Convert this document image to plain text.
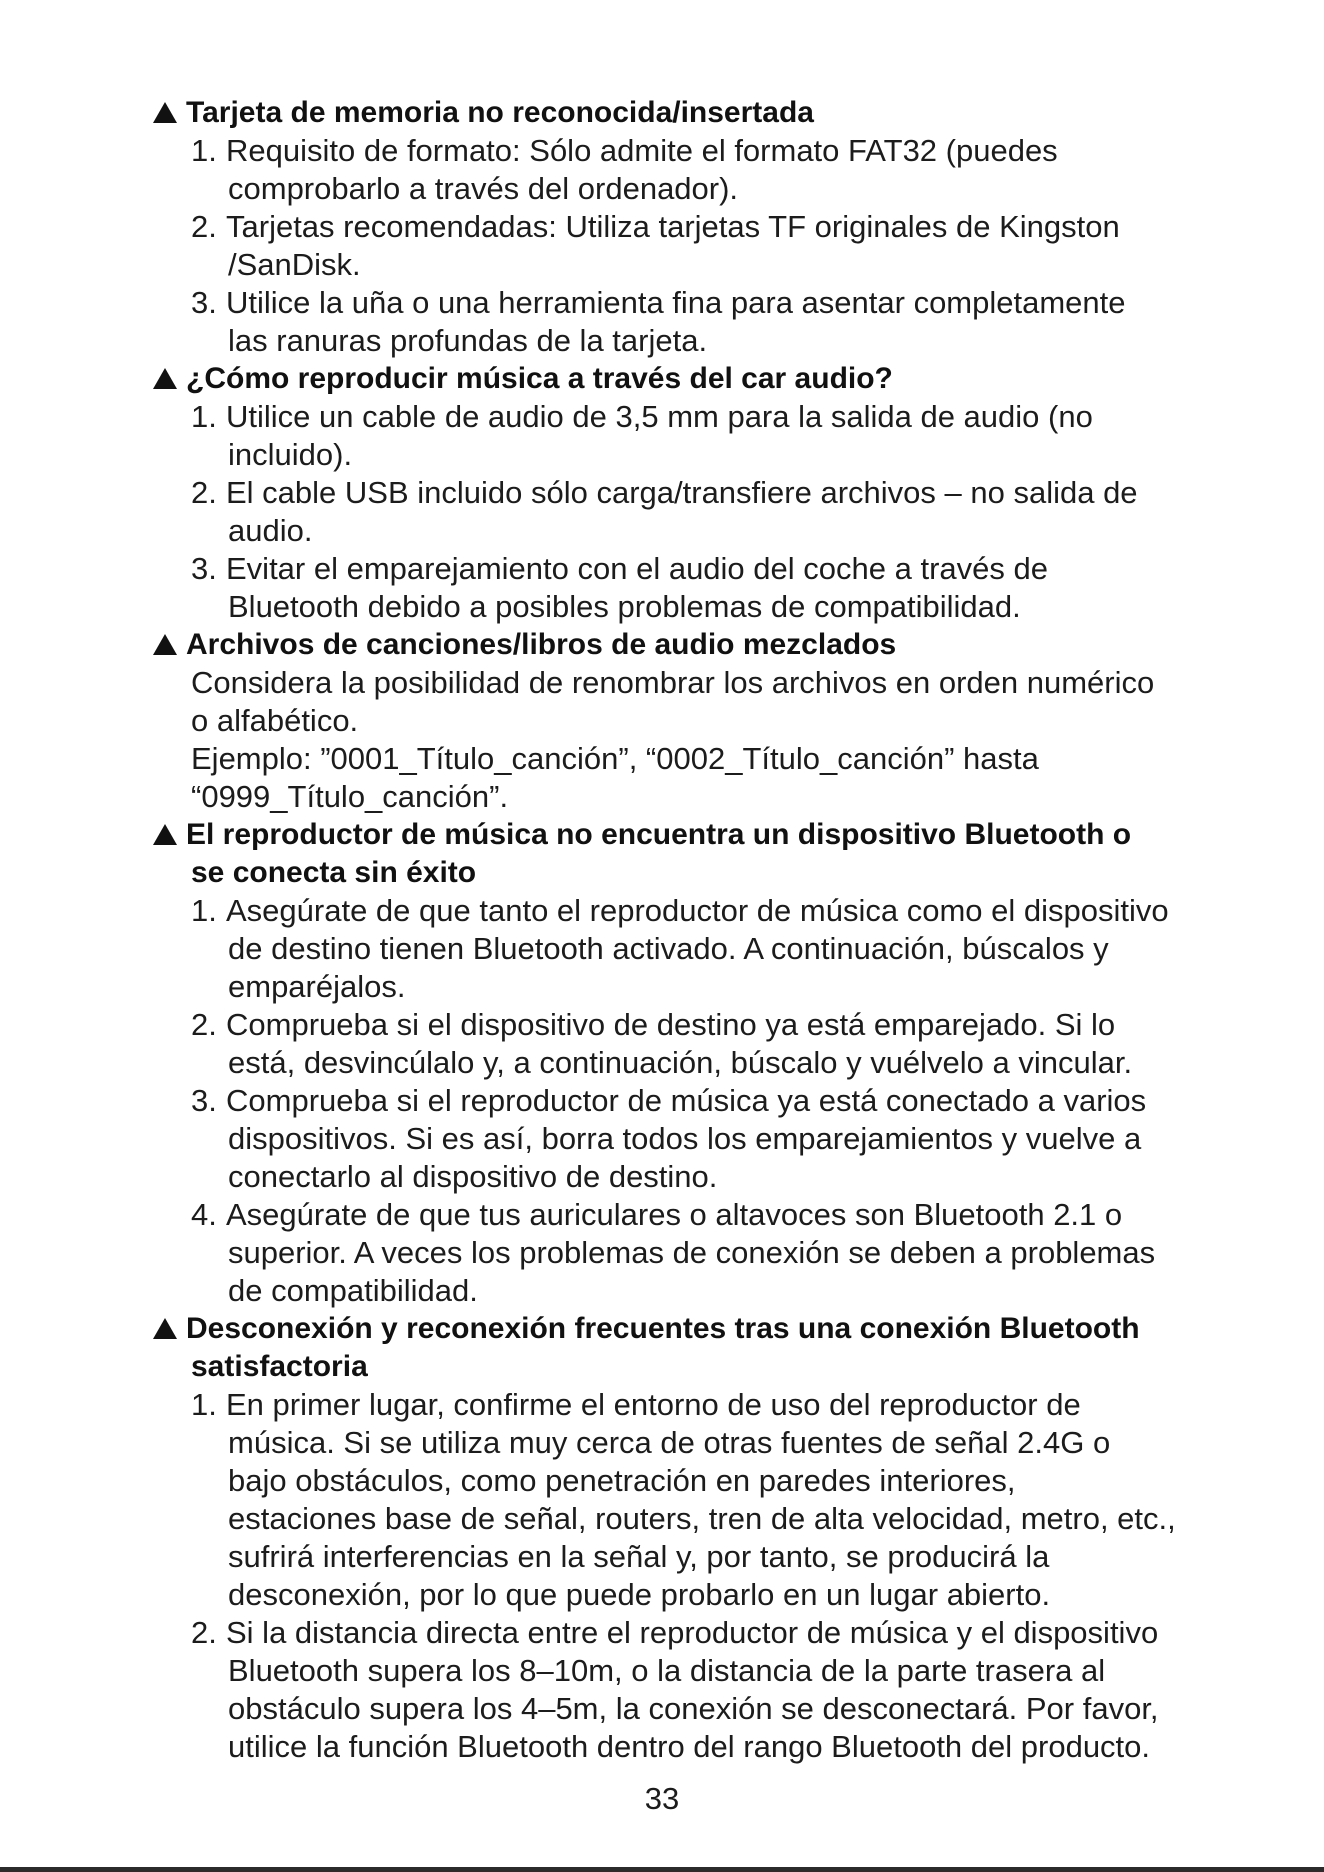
Tarjeta de memoria no reconocida/insertada
1. Requisito de formato: Sólo admite el formato FAT32 (puedes
comprobarlo a través del ordenador).
2. Tarjetas recomendadas: Utiliza tarjetas TF originales de Kingston
/SanDisk.
3. Utilice la uña o una herramienta fina para asentar completamente
las ranuras profundas de la tarjeta.
¿Cómo reproducir música a través del car audio?
1. Utilice un cable de audio de 3,5 mm para la salida de audio (no
incluido).
2. El cable USB incluido sólo carga/transfiere archivos – no salida de
audio.
3. Evitar el emparejamiento con el audio del coche a través de
Bluetooth debido a posibles problemas de compatibilidad.
Archivos de canciones/libros de audio mezclados
Considera la posibilidad de renombrar los archivos en orden numérico
o alfabético.
Ejemplo: ”0001_Título_canción”, “0002_Título_canción” hasta
“0999_Título_canción”.
El reproductor de música no encuentra un dispositivo Bluetooth o
se conecta sin éxito
1. Asegúrate de que tanto el reproductor de música como el dispositivo
de destino tienen Bluetooth activado. A continuación, búscalos y
emparéjalos.
2. Comprueba si el dispositivo de destino ya está emparejado. Si lo
está, desvincúlalo y, a continuación, búscalo y vuélvelo a vincular.
3. Comprueba si el reproductor de música ya está conectado a varios
dispositivos. Si es así, borra todos los emparejamientos y vuelve a
conectarlo al dispositivo de destino.
4. Asegúrate de que tus auriculares o altavoces son Bluetooth 2.1 o
superior. A veces los problemas de conexión se deben a problemas
de compatibilidad.
Desconexión y reconexión frecuentes tras una conexión Bluetooth
satisfactoria
1. En primer lugar, confirme el entorno de uso del reproductor de
música. Si se utiliza muy cerca de otras fuentes de señal 2.4G o
bajo obstáculos, como penetración en paredes interiores,
estaciones base de señal, routers, tren de alta velocidad, metro, etc.,
sufrirá interferencias en la señal y, por tanto, se producirá la
desconexión, por lo que puede probarlo en un lugar abierto.
2. Si la distancia directa entre el reproductor de música y el dispositivo
Bluetooth supera los 8–10m, o la distancia de la parte trasera al
obstáculo supera los 4–5m, la conexión se desconectará. Por favor,
utilice la función Bluetooth dentro del rango Bluetooth del producto.
33
